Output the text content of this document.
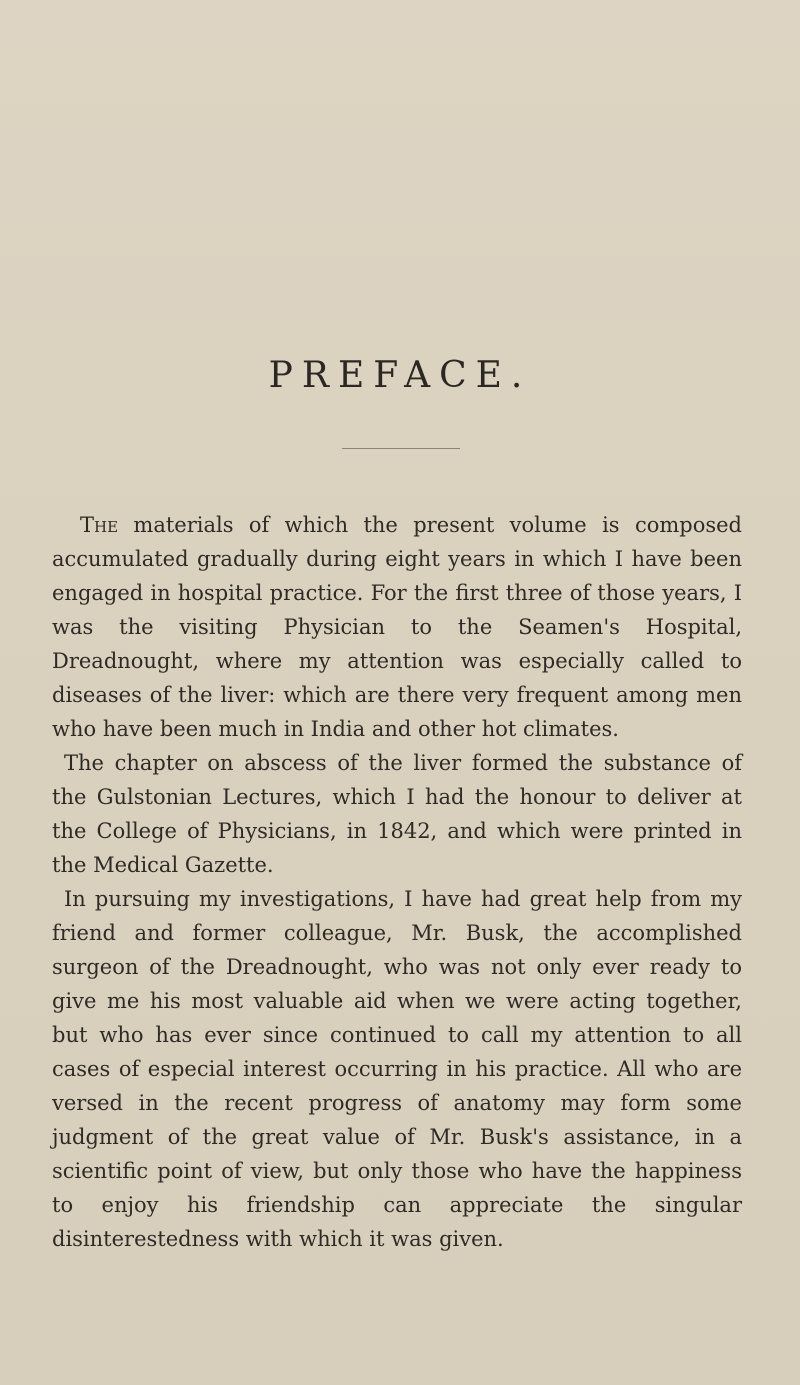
PREFACE.

The materials of which the present volume is composed accumulated gradually during eight years in which I have been engaged in hospital practice. For the first three of those years, I was the visiting Physician to the Seamen's Hospital, Dreadnought, where my attention was especially called to diseases of the liver: which are there very frequent among men who have been much in India and other hot climates.

The chapter on abscess of the liver formed the substance of the Gulstonian Lectures, which I had the honour to deliver at the College of Physicians, in 1842, and which were printed in the Medical Gazette.

In pursuing my investigations, I have had great help from my friend and former colleague, Mr. Busk, the accomplished surgeon of the Dreadnought, who was not only ever ready to give me his most valuable aid when we were acting together, but who has ever since continued to call my attention to all cases of especial interest occurring in his practice. All who are versed in the recent progress of anatomy may form some judgment of the great value of Mr. Busk's assistance, in a scientific point of view, but only those who have the happiness to enjoy his friendship can appreciate the singular disinterestedness with which it was given.
